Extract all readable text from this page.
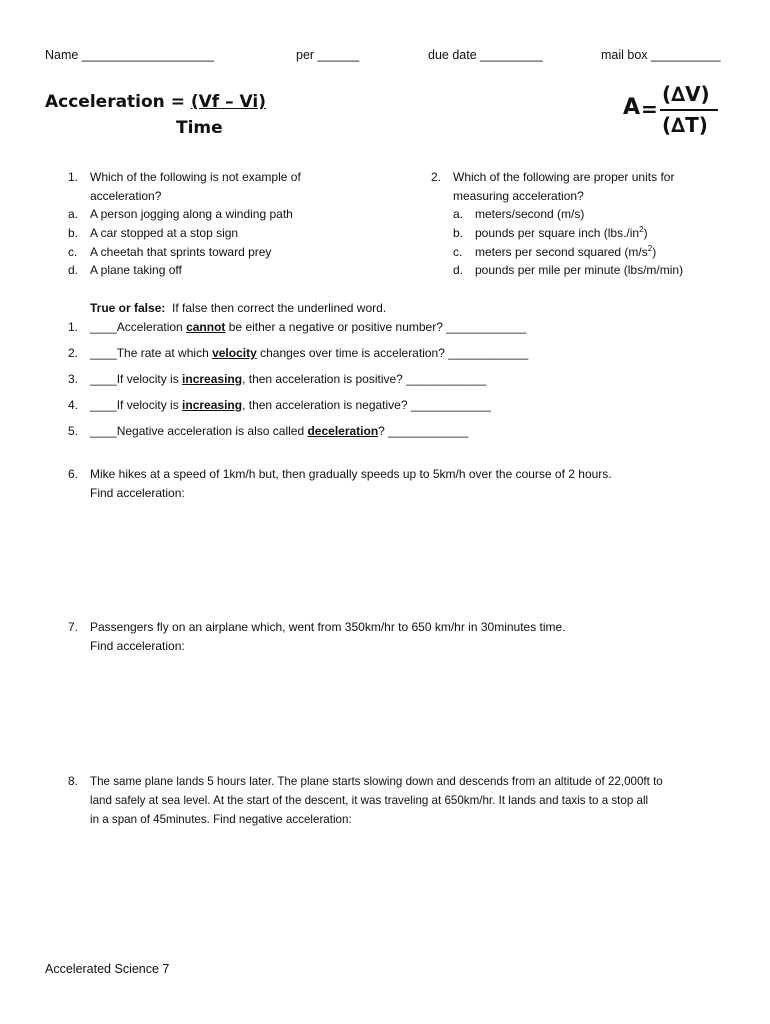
Name ___________________	per ______	due date _________	mail box __________
Acceleration = (Vf – Vi)
Time
A =
(∆V)
(∆T)
1. Which of the following is not example of
acceleration?
a. A person jogging along a winding path
b. A car stopped at a stop sign
c.	A cheetah that sprints toward prey
d. A plane taking off
2. Which of the following are proper units for
measuring acceleration?
a. meters/second (m/s)
b. pounds per square inch $(lbs./in^2)$
c.	meters per second squared $(m/s^2)$
d. pounds per mile per minute (lbs/m/min)
True or false: If false then correct the underlined word.
1. ____Acceleration cannot be either a negative or positive number? ____________
2. ____The rate at which velocity changes over time is acceleration? ____________
3. ____If velocity is increasing, then acceleration is positive? ____________
4. ____If velocity is increasing, then acceleration is negative? ____________
5. ____Negative acceleration is also called deceleration? ____________
6. Mike hikes at a speed of 1km/h but, then gradually speeds up to 5km/h over the course of 2 hours.
Find acceleration:
7. Passengers fly on an airplane which, went from 350km/hr to 650 km/hr in 30minutes time.
Find acceleration:
8.	The same plane lands 5 hours later. The plane starts slowing down and descends from an altitude of 22,000ft to
land safely at sea level. At the start of the descent, it was traveling at 650km/hr. It lands and taxis to a stop all
in a span of 45minutes. Find negative acceleration:
Accelerated Science 7
